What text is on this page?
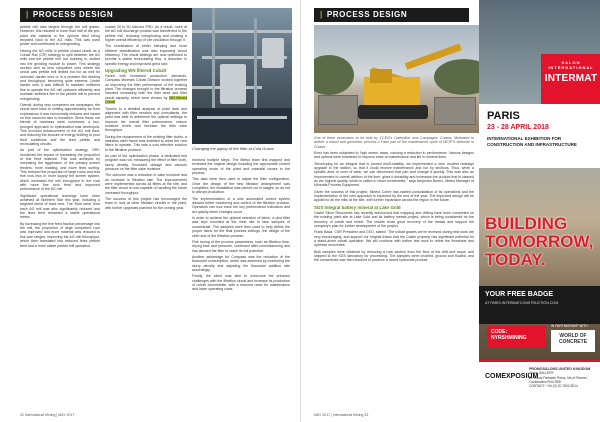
| PROCESS DESIGN

pebble mill ratio targets through the mill grates. However, this resulted in more than half of the pre-plant site material in the cyclone feed being recycled back to the AG mills. This was used power and contributed to overgrinding.

Having the AG mills in pebble closed circuit as a Cobalt Rail (CR) strategy to split between the AG mills and the pebble mill, but dubbing in, slotted into the grinding module to power. This strategy worked well as less competent ores where the circuit was pebble mill limited but not as well for unknown harder ores or in a problem like feeding and throughput, becoming quite extreme. Under harder ores it was difficult to maintain sufficient fine to operate the AG mill cyclones efficiently and maintain sufficient fine in the pebble mill to prevent overgrinding.

Overall, during very competent ore campaigns, the circuit went back to shifting approximately as from expressions it was horizontally reduced and based on this occurred also to transition. Since these ore blends of hardness were conceived, a two-pronged approach to optimisation was developed. This involved enhancement of the AG mill feed, and reducing the amount of energy shifting to poor feed conditions and the feed pebble and recirculating circuits.

As part of the optimisation strategy, ORC monitored the impact of increasing the proportion of fine feed material. This was achieved by increasing the aggression of the primary screen feeders, more blasting, and more fines sorting. This reduced the proportion of large rocks and less fine rock less or more supply the screen system, which increased the mill throughput in the rock with more fine rock feed and improved performance of the AG mill.

Significant operational learnings have been achieved at Northern Star this year, including a targeted blend of hard ores. The 'Mud sand' from each AG mill was also significantly reduced and the fines feed remained a stable operational metric.

By increasing the fine feed fraction percentage into the mill, the proportion of large competent rock was improved and more material was reduced to fine size ranges, improving the AG mill throughput, which then translated into reduced fines pebble feed and a more stable pebble mill operation.

coarse 20 to 30 microns PSD. As a result, more of the AG mill discharge product was transferred to the pebble mill, reducing overgrinding and creating a higher overall efficiency of ore circulation through it.

The combination of better blending and more efficient classification was also improving circuit efficiency. The circuit settings are now optimised to provide a stable recirculating flow, a reduction in specific energy and improved grind size.

Upgrading WN filtered Cobalt

Faced with increased production demands, Compass Minerals Cobalt Division worked together on improving the filter performance of the existing plant. The changes brought to the filtration process included increasing both the filter area and filter circuit capacity, which were chosen by WN filtered Cobalt

Thanks to a detailed analysis of plant data and alignment with filter vendors and consultants, the plant was able to determine the optimal settings to improve the overall filter performance, reduce moisture levels and increase the filter cake throughput.

During the replacement of the existing filter cloths, a stainless steel frame was installed to allow the new filters to operate. This was a cost effective solution to the filtration problem.

As part of the optimisation phase, a dedicated test program was run, measuring the effect of filter cloth, slurry density, flocculant dosage and vacuum pressure on the filter cake moisture.

The outcome was a reduction in cake moisture and an increase in filtration rate. The improvements were implemented across all filters at the site, and the filter circuit is now capable of handling the future increased throughput.

The success of this project has encouraged the team to look at other filtration circuits in the plant, with further upgrades planned for the coming year.

Changing the piping of the filter at Cola Guaxs

involved multiple steps. The Metso team first mapped and reviewed the original design including the appropriate current operating mode of the plant and potential issues in the process.

This data were then used to adjust the filter configuration. Once the design of the new filtration arrangement was completed, the installation was carried out in stages, so as not to disrupt production.

The implementation of a new automated control system allowed better monitoring and control of the filtration process. Operators can now track the key performance indicators and act quickly when changes occur.

In order to achieve the optimal selection of fabric, a pilot filter was kept mounted at the mine site to take samples of concentrate. The samples were then used to help define the proper fabric for the final process settings, the design of the cloth and of the filtration process.

Fine tuning of the process parameters, such as filtration time, drying time and pressure, continued after commissioning and has allowed the filter to reach its full potential.

Another advantage for Compass was the reduction of the flocculant consumption, which was achieved by monitoring the slurry density and adjusting the flocculant addition rate accordingly.

Finally, the client was able to overcome the previous challenges with the filtration circuit and increase its production of cobalt concentrate, with a reduced need for maintenance and lower operating costs.

32 International Mining | MAY 2017
| PROCESS DESIGN

One of three excavators to be built by CCEG's Caterpillar new Campagna, Cuiaba, Motivated to deliver a robust and geometric process a Fabri part of the maintenance cycle of WCIP'S dolomite in Cuiaba

Eriez has been subjected to 'high stress' mass, causing a reduction in performance. Various designs and options were examined to improve ease of maintenance and life in mineral lines.

'Developing for an integral that is proved multi-stability, we implemented a new, modest redesign upgrade to the station, so that it could receive maintenance and run by sections. Thus, when a specific area or zone of wear, we can disconnect that part and change it quickly. This was also an improvement to overall attrition of the liner, gives it durability and increases the product that is classed as the highest quality, which is called a 'clean concentrate,'' says Alejandro Bueno, Metso Manager of Minerals Process Equipment.

Given the success of this project, Minera Cobre has started consolidation of its operations and the implementation of the new approach is expected by the end of the year. The improved design will be applied to all the mills at the site, with further expansion across the region in the future.

SGS Integral battery mineral at Lake Gold

Castle Silver Resources has recently announced that mapping and drilling have been completed on the existing plant site at Lake Gold and its battery metals project, which is being considered for the recovery of cobalt and nickel. The results show good recovery of the metals and support the company's plan for further development of the project.

Frank Basa, CSR President and CEO, stated: 'The cobalt grades we've received during test work are very encouraging, and support our original thesis that the Castle property has significant potential for a stand-alone cobalt operation. We will continue with further test work to refine the flowsheet and optimise recoveries.'

Bulk samples were obtained by removing a rock section from the floor of the drift and stope, and shipped to the SGS laboratory for processing. The samples were crushed, ground and floated, and the concentrate was then leached to produce a mixed hydroxide product.

MAY 2017 | International Mining 33
SALON INTERNATIONAL
INTERMAT
PARIS
23 - 28 APRIL 2018
INTERNATIONAL EXHIBITION FOR CONSTRUCTION AND INFRASTRUCTURE
BUILDING TOMORROW, TODAY.
YOUR FREE BADGE
AT PARIS.INTERMATCONSTRUCTION.COM
CODE: NYRSHMINING
IN PARTNERSHIP WITH
WORLD OF CONCRETE
COMEXPOSIUM
PROMOSALONS UNITED KINGDOM
Arnhe GALLERY
Ze Wood Parkside Press, Ms of Rexeel -
Cockfosters EN4 9EB
CONTACT: +44 (0) 20 7602 8014
